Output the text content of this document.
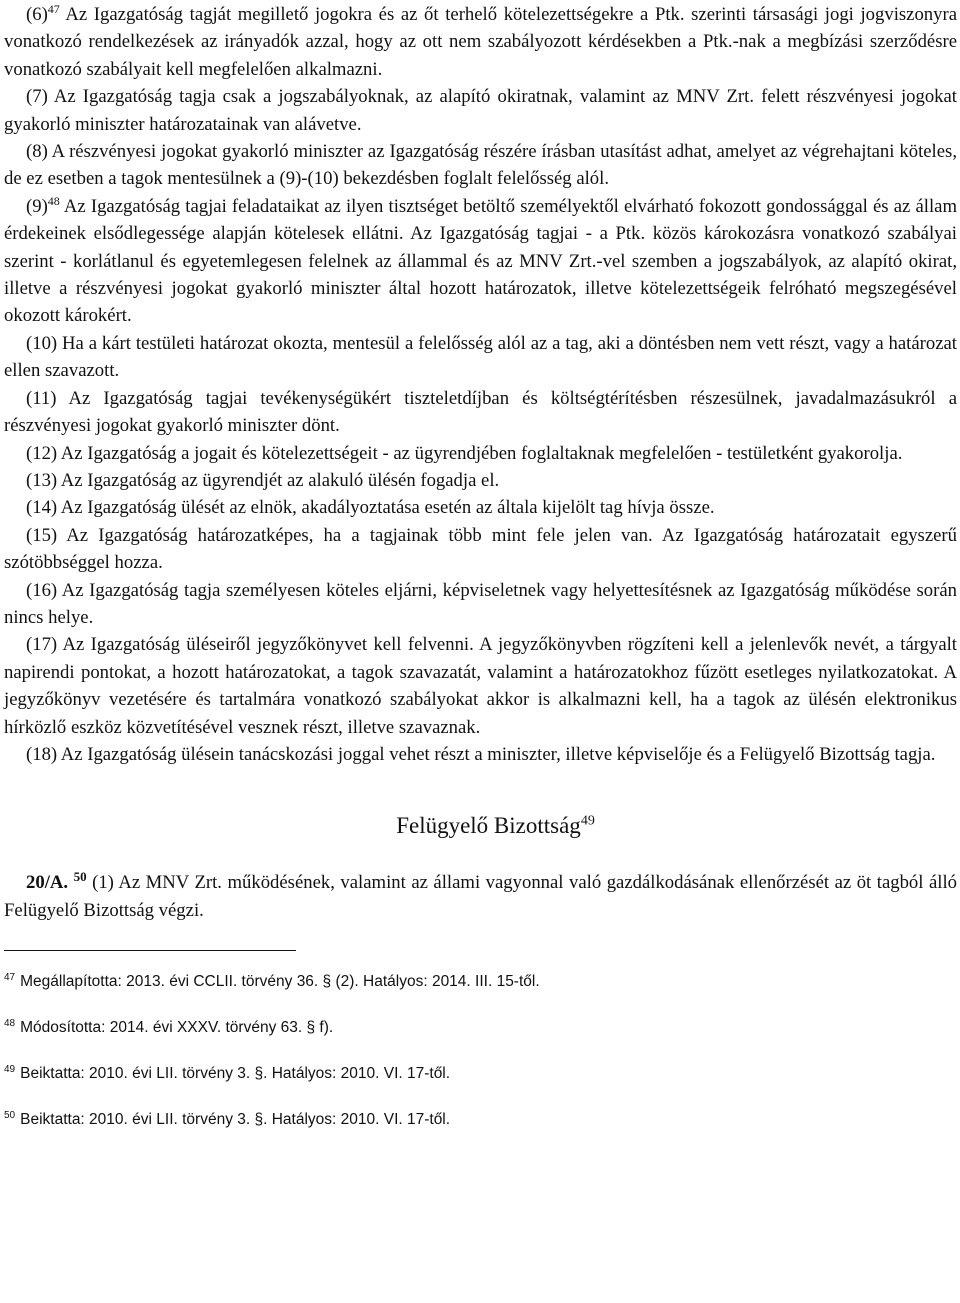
(6)$^{47}$ Az Igazgatóság tagját megillető jogokra és az őt terhelő kötelezettségekre a Ptk. szerinti társasági jogi jogviszonyra vonatkozó rendelkezések az irányadók azzal, hogy az ott nem szabályozott kérdésekben a Ptk.-nak a megbízási szerződésre vonatkozó szabályait kell megfelelően alkalmazni.

(7) Az Igazgatóság tagja csak a jogszabályoknak, az alapító okiratnak, valamint az MNV Zrt. felett részvényesi jogokat gyakorló miniszter határozatainak van alávetve.

(8) A részvényesi jogokat gyakorló miniszter az Igazgatóság részére írásban utasítást adhat, amelyet az végrehajtani köteles, de ez esetben a tagok mentesülnek a (9)-(10) bekezdésben foglalt felelősség alól.

(9)$^{48}$ Az Igazgatóság tagjai feladataikat az ilyen tisztséget betöltő személyektől elvárható fokozott gondossággal és az állam érdekeinek elsődlegessége alapján kötelesek ellátni. Az Igazgatóság tagjai - a Ptk. közös károkozásra vonatkozó szabályai szerint - korlátlanul és egyetemlegesen felelnek az állammal és az MNV Zrt.-vel szemben a jogszabályok, az alapító okirat, illetve a részvényesi jogokat gyakorló miniszter által hozott határozatok, illetve kötelezettségeik felróható megszegésével okozott károkért.

(10) Ha a kárt testületi határozat okozta, mentesül a felelősség alól az a tag, aki a döntésben nem vett részt, vagy a határozat ellen szavazott.

(11) Az Igazgatóság tagjai tevékenységükért tiszteletdíjban és költségtérítésben részesülnek, javadalmazásukról a részvényesi jogokat gyakorló miniszter dönt.

(12) Az Igazgatóság a jogait és kötelezettségeit - az ügyrendjében foglaltaknak megfelelően - testületként gyakorolja.

(13) Az Igazgatóság az ügyrendjét az alakuló ülésén fogadja el.

(14) Az Igazgatóság ülését az elnök, akadályoztatása esetén az általa kijelölt tag hívja össze.

(15) Az Igazgatóság határozatképes, ha a tagjainak több mint fele jelen van. Az Igazgatóság határozatait egyszerű szótöbbséggel hozza.

(16) Az Igazgatóság tagja személyesen köteles eljárni, képviseletnek vagy helyettesítésnek az Igazgatóság működése során nincs helye.

(17) Az Igazgatóság üléseiről jegyzőkönyvet kell felvenni. A jegyzőkönyvben rögzíteni kell a jelenlevők nevét, a tárgyalt napirendi pontokat, a hozott határozatokat, a tagok szavazatát, valamint a határozatokhoz fűzött esetleges nyilatkozatokat. A jegyzőkönyv vezetésére és tartalmára vonatkozó szabályokat akkor is alkalmazni kell, ha a tagok az ülésén elektronikus hírközlő eszköz közvetítésével vesznek részt, illetve szavaznak.

(18) Az Igazgatóság ülésein tanácskozási joggal vehet részt a miniszter, illetve képviselője és a Felügyelő Bizottság tagja.

Felügyelő Bizottság$^{49}$

20/A. $^{50}$ (1) Az MNV Zrt. működésének, valamint az állami vagyonnal való gazdálkodásának ellenőrzését az öt tagból álló Felügyelő Bizottság végzi.

$^{47}$ Megállapította: 2013. évi CCLII. törvény 36. § (2). Hatályos: 2014. III. 15-től.

$^{48}$ Módosította: 2014. évi XXXV. törvény 63. § f).

$^{49}$ Beiktatta: 2010. évi LII. törvény 3. §. Hatályos: 2010. VI. 17-től.

$^{50}$ Beiktatta: 2010. évi LII. törvény 3. §. Hatályos: 2010. VI. 17-től.
